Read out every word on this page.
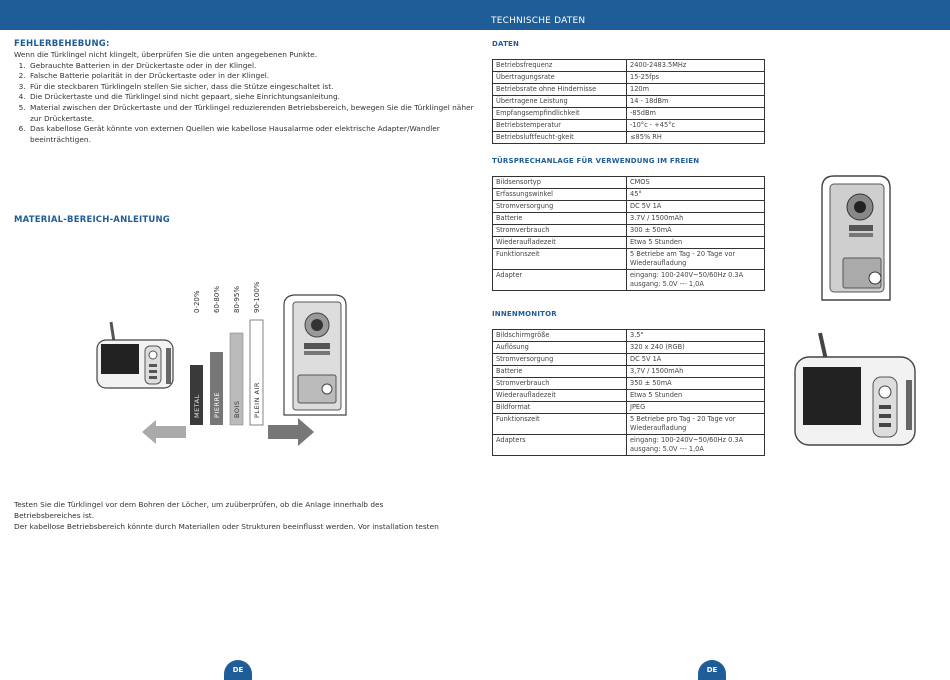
TECHNISCHE DATEN
FEHLERBEHEBUNG:
Wenn die Türklingel nicht klingelt, überprüfen Sie die unten angegebenen Punkte.
1. Gebrauchte Batterien in der Drückertaste oder in der Klingel.
2. Falsche Batterie polarität in der Drückertaste oder in der Klingel.
3. Für die steckbaren Türklingeln stellen Sie sicher, dass die Stütze eingeschaltet ist.
4. Die Drückertaste und die Türklingel sind nicht gepaart, siehe Einrichtungsanleitung.
5. Material zwischen der Drückertaste und der Türklingel reduzierenden Betriebsbereich, bewegen Sie die Türklingel näher zur Drückertaste.
6. Das kabellose Gerät könnte von externen Quellen wie kabellose Hausalarme oder elektrische Adapter/Wandler beeinträchtigen.
MATERIAL-BEREICH-ANLEITUNG
0-20% 60-80% 80-95% 90-100%
METAL PIERRE BOIS PLEIN AIR
Testen Sie die Türklingel vor dem Bohren der Löcher, um zuüberprüfen, ob die Anlage innerhalb des Betriebsbereiches ist.
Der kabellose Betriebsbereich könnte durch Materiallen oder Strukturen beeinflusst werden. Vor installation testen
DE
DATEN
Betriebsfrequenz	2400-2483.5MHz
Übertragungsrate	15-25fps
Betriebsrate ohne Hindernisse	120m
Übertragene Leistung	14 - 18dBm
Empfangsempfindlichkeit	-85dBm
Betriebstemperatur	-10°c - +45°c
Betriebsluftfeucht-gkeit	≤85% RH
TÜRSPRECHANLAGE FÜR VERWENDUNG IM FREIEN
Bildsensortyp	CMOS
Erfassungswinkel	45°
Stromversorgung	DC 5V 1A
Batterie	3.7V / 1500mAh
Stromverbrauch	300 ± 50mA
Wiederaufladezeit	Etwa 5 Stunden
Funktionszeit	5 Betriebe am Tag - 20 Tage vor Wiederaufladung
Adapter	eingang: 100-240V~50/60Hz 0.3A ausgang: 5.0V --- 1,0A
INNENMONITOR
Bildschirmgröße	3.5"
Auflösung	320 x 240 (RGB)
Stromversorgung	DC 5V 1A
Batterie	3,7V / 1500mAh
Stromverbrauch	350 ± 50mA
Wiederaufladezeit	Etwa 5 Stunden
Bildformat	JPEG
Funktionszeit	5 Betriebe pro Tag - 20 Tage vor Wiederaufladung
Adapters	eingang: 100-240V~50/60Hz 0.3A ausgang: 5.0V --- 1,0A
DE
